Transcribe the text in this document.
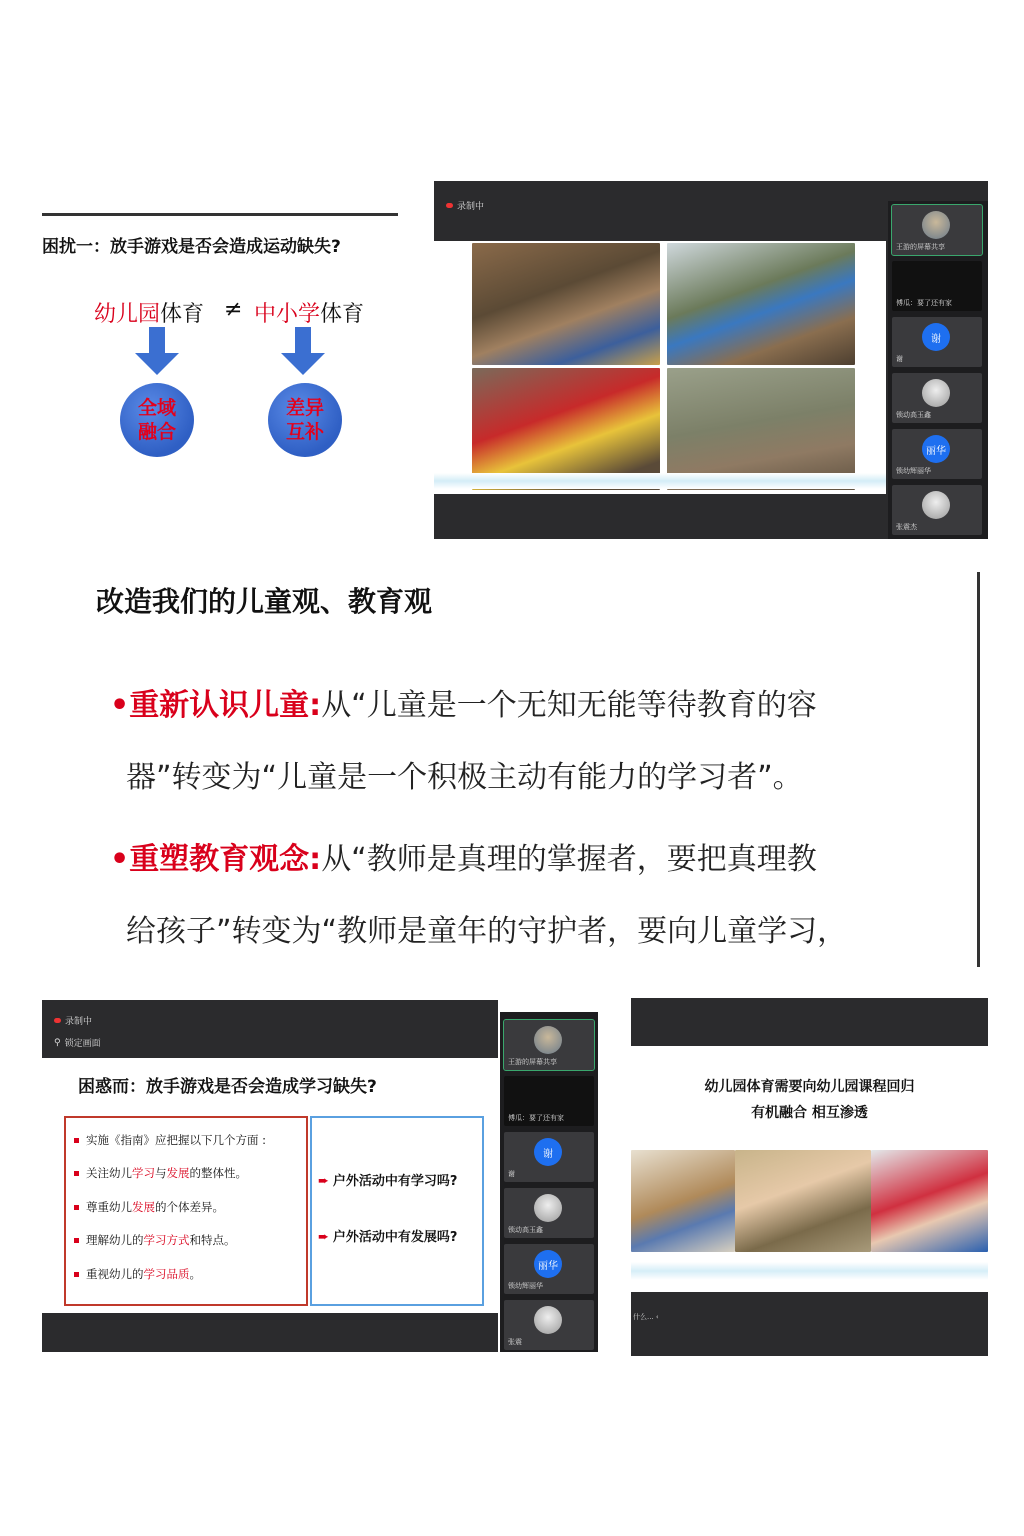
困扰一：放手游戏是否会造成运动缺失?
幼儿园体育 ≠ 中小学体育
全域
融合
差异
互补
录制中
王游的屏幕共享
傅瓜：要了还有家
谢
谢
锁动高玉鑫
丽华
锁幼辉丽华
张震杰
改造我们的儿童观、教育观
•重新认识儿童:从“儿童是一个无知无能等待教育的容
器”转变为“儿童是一个积极主动有能力的学习者”。
•重塑教育观念:从“教师是真理的掌握者，要把真理教
给孩子”转变为“教师是童年的守护者，要向儿童学习，
录制中
⚲ 锁定画面
困惑而：放手游戏是否会造成学习缺失?
实施《指南》应把握以下几个方面 :
关注幼儿学习与发展的整体性。
尊重幼儿发展的个体差异。
理解幼儿的学习方式和特点。
重视幼儿的学习品质。
➨ 户外活动中有学习吗?
➨ 户外活动中有发展吗?
王游的屏幕共享
傅瓜：要了还有家
谢
谢
锁动高玉鑫
丽华
锁幼辉丽华
张震
幼儿园体育需要向幼儿园课程回归
有机融合 相互渗透
什么... ‹
